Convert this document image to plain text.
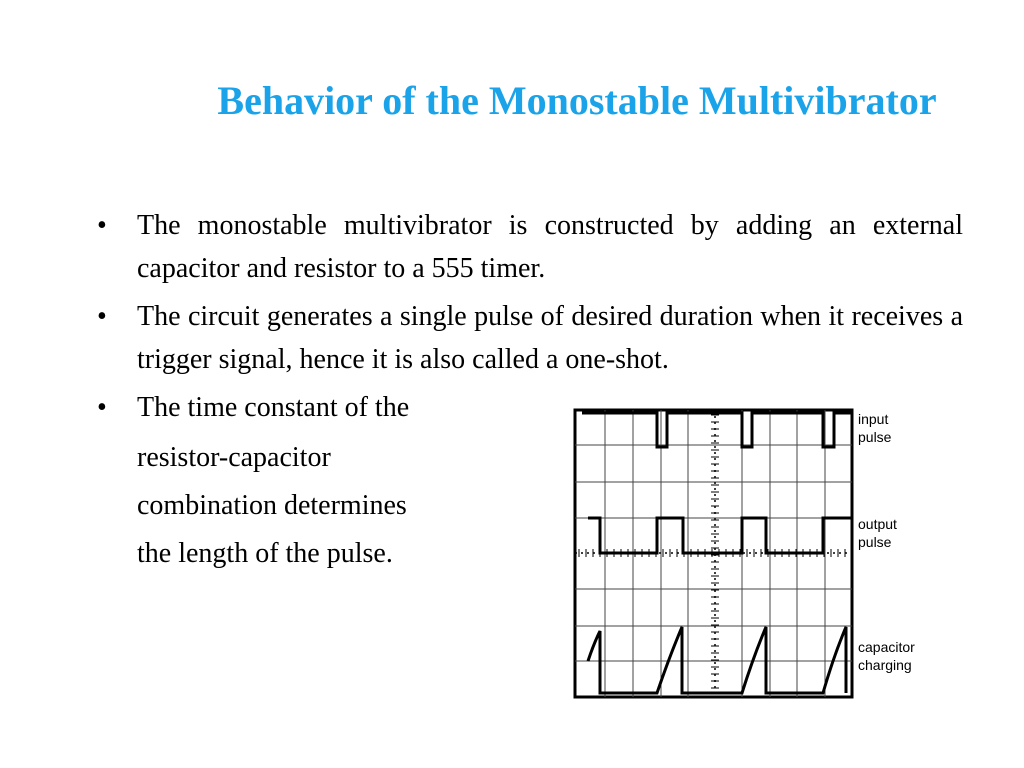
Behavior of the Monostable Multivibrator
• The monostable multivibrator is constructed by adding an external capacitor and resistor to a 555 timer.
• The circuit generates a single pulse of desired duration when it receives a trigger signal, hence it is also called a one-shot.
• The time constant of the
resistor-capacitor
combination determines
the length of the pulse.
input
pulse
output
pulse
capacitor
charging
